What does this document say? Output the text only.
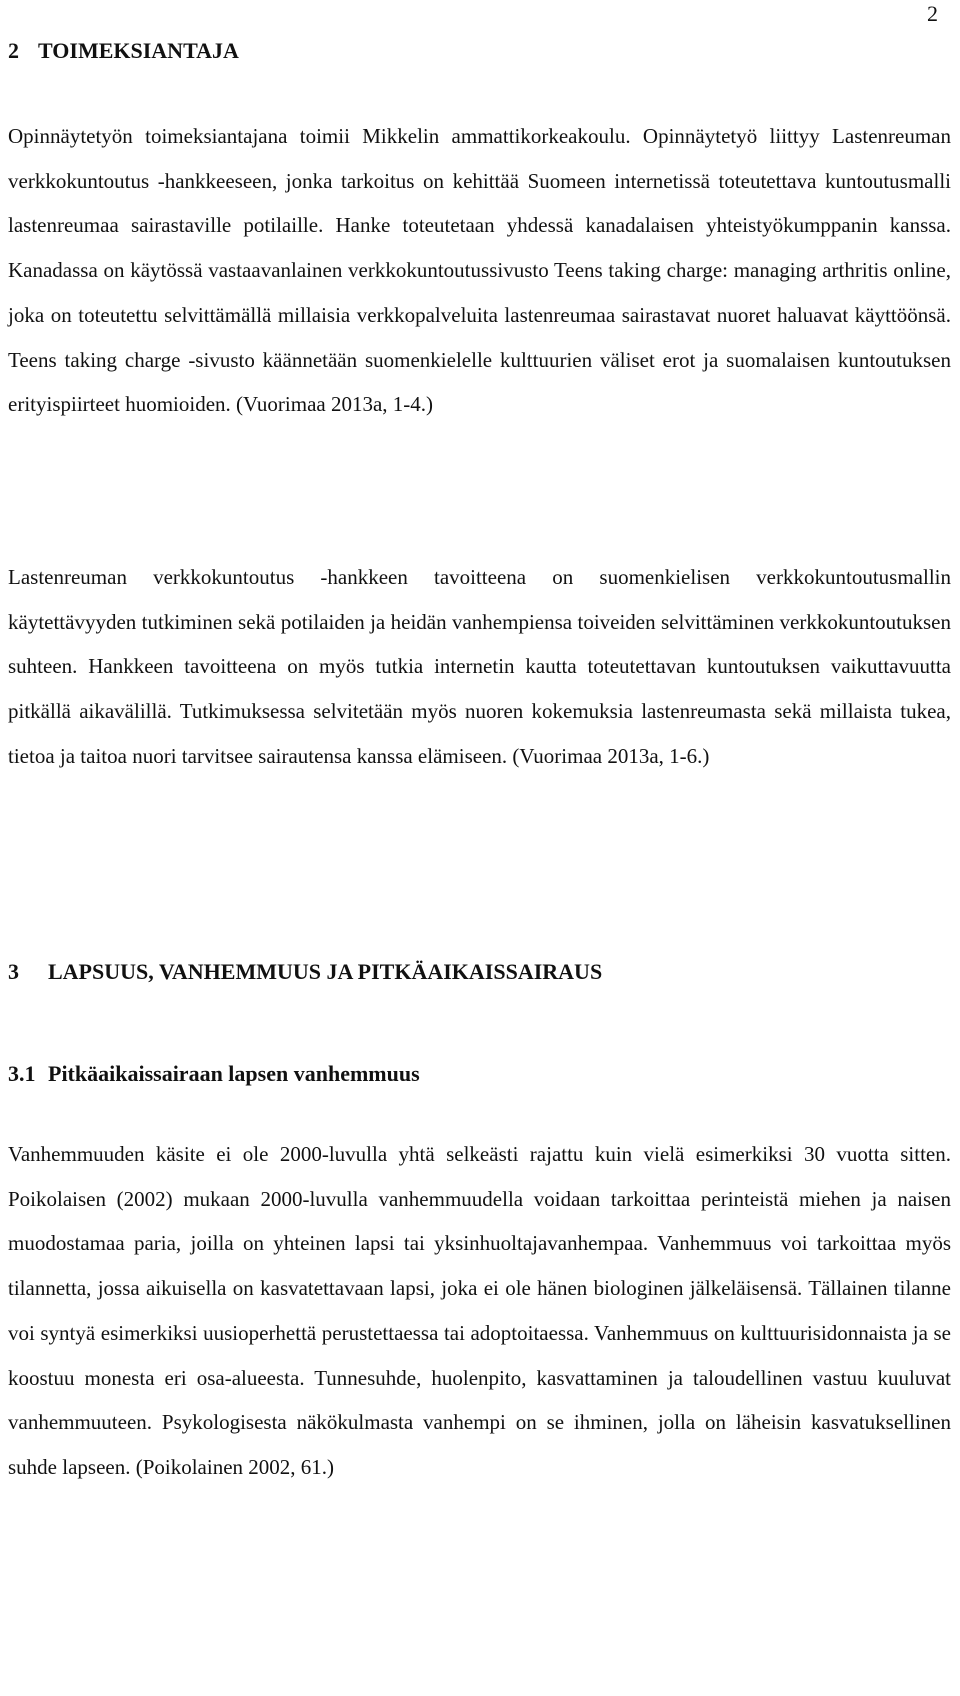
2
2 TOIMEKSIANTAJA

Opinnäytetyön toimeksiantajana toimii Mikkelin ammattikorkeakoulu. Opinnäytetyö liittyy Lastenreuman verkkokuntoutus -hankkeeseen, jonka tarkoitus on kehittää Suomeen internetissä toteutettava kuntoutusmalli lastenreumaa sairastaville potilaille. Hanke toteutetaan yhdessä kanadalaisen yhteistyökumppanin kanssa. Kanadassa on käytössä vastaavanlainen verkkokuntoutussivusto Teens taking charge: managing arthritis online, joka on toteutettu selvittämällä millaisia verkkopalveluita lastenreumaa sairastavat nuoret haluavat käyttöönsä. Teens taking charge -sivusto käännetään suomenkielelle kulttuurien väliset erot ja suomalaisen kuntoutuksen erityispiirteet huomioiden. (Vuorimaa 2013a, 1-4.)

Lastenreuman verkkokuntoutus -hankkeen tavoitteena on suomenkielisen verkkokuntoutusmallin käytettävyyden tutkiminen sekä potilaiden ja heidän vanhempiensa toiveiden selvittäminen verkkokuntoutuksen suhteen. Hankkeen tavoitteena on myös tutkia internetin kautta toteutettavan kuntoutuksen vaikuttavuutta pitkällä aikavälillä. Tutkimuksessa selvitetään myös nuoren kokemuksia lastenreumasta sekä millaista tukea, tietoa ja taitoa nuori tarvitsee sairautensa kanssa elämiseen. (Vuorimaa 2013a, 1-6.)

3 LAPSUUS, VANHEMMUUS JA PITKÄAIKAISSAIRAUS
3.1 Pitkäaikaissairaan lapsen vanhemmuus

Vanhemmuuden käsite ei ole 2000-luvulla yhtä selkeästi rajattu kuin vielä esimerkiksi 30 vuotta sitten. Poikolaisen (2002) mukaan 2000-luvulla vanhemmuudella voidaan tarkoittaa perinteistä miehen ja naisen muodostamaa paria, joilla on yhteinen lapsi tai yksinhuoltajavanhempaa. Vanhemmuus voi tarkoittaa myös tilannetta, jossa aikuisella on kasvatettavaan lapsi, joka ei ole hänen biologinen jälkeläisensä. Tällainen tilanne voi syntyä esimerkiksi uusioperhettä perustettaessa tai adoptoitaessa. Vanhemmuus on kulttuurisidonnaista ja se koostuu monesta eri osa-alueesta. Tunnesuhde, huolenpito, kasvattaminen ja taloudellinen vastuu kuuluvat vanhemmuuteen. Psykologisesta näkökulmasta vanhempi on se ihminen, jolla on läheisin kasvatuksellinen suhde lapseen. (Poikolainen 2002, 61.)
